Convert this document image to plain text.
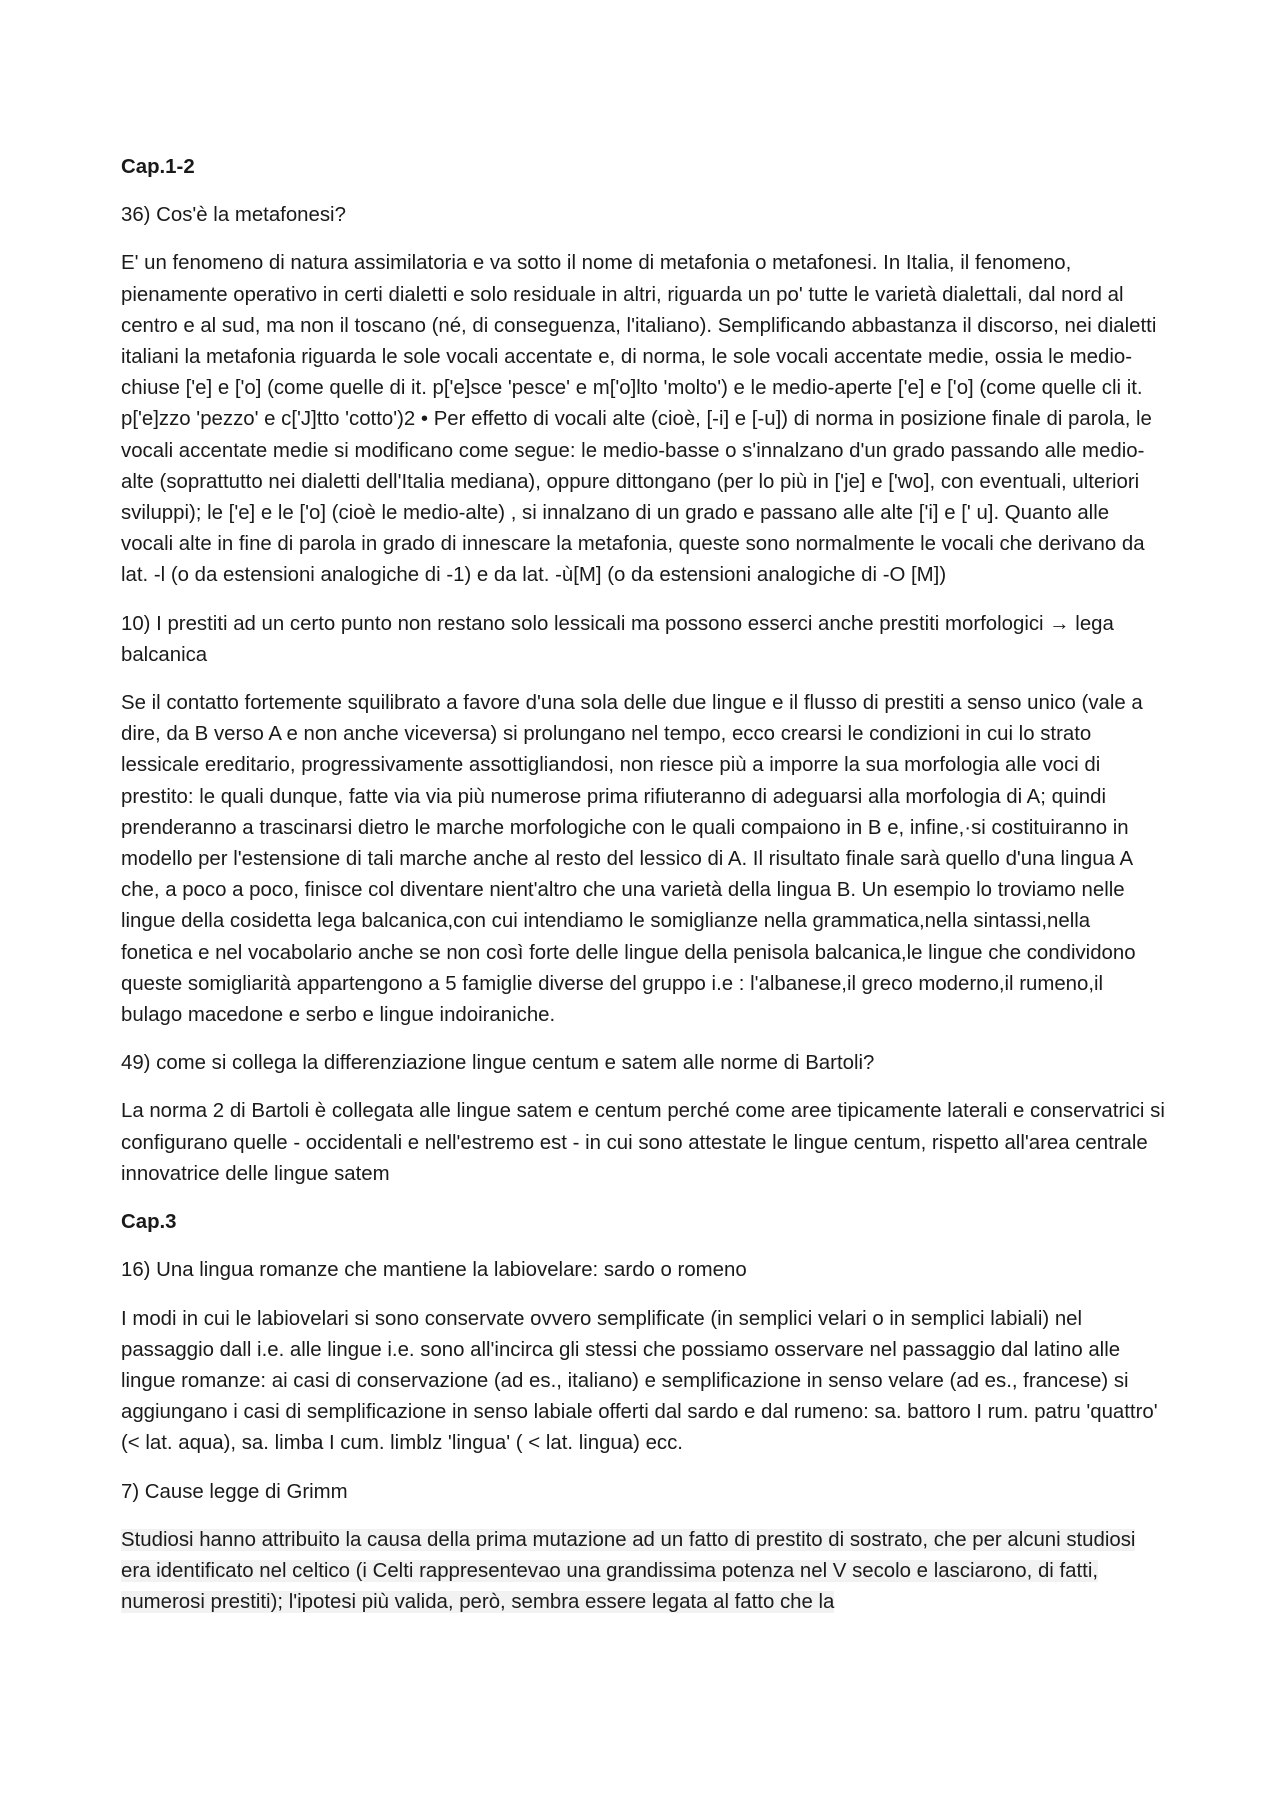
Cap.1-2
36) Cos'è la metafonesi?
E' un fenomeno di natura assimilatoria e va sotto il nome di metafonia o metafonesi. In Italia, il fenomeno, pienamente operativo in certi dialetti e solo residuale in altri, riguarda un po' tutte le varietà dialettali, dal nord al centro e al sud, ma non il toscano (né, di conseguenza, l'italiano). Semplificando abbastanza il discorso, nei dialetti italiani la metafonia riguarda le sole vocali accentate e, di norma, le sole vocali accentate medie, ossia le medio-chiuse ['e] e ['o] (come quelle di it. p['e]sce 'pesce' e m['o]lto 'molto') e le medio-aperte ['e] e ['o] (come quelle cli it. p['e]zzo 'pezzo' e c['J]tto 'cotto')2 • Per effetto di vocali alte (cioè, [-i] e [-u]) di norma in posizione finale di parola, le vocali accentate medie si modificano come segue: le medio-basse o s'innalzano d'un grado passando alle medio-alte (soprattutto nei dialetti dell'Italia mediana), oppure dittongano (per lo più in ['je] e ['wo], con eventuali, ulteriori sviluppi); le ['e] e le ['o] (cioè le medio-alte) , si innalzano di un grado e passano alle alte ['i] e [' u]. Quanto alle vocali alte in fine di parola in grado di innescare la metafonia, queste sono normalmente le vocali che derivano da lat. -l (o da estensioni analogiche di -1) e da lat. -ù[M] (o da estensioni analogiche di -O [M])
10) I prestiti ad un certo punto non restano solo lessicali ma possono esserci anche prestiti morfologici → lega balcanica
Se il contatto fortemente squilibrato a favore d'una sola delle due lingue e il flusso di prestiti a senso unico (vale a dire, da B verso A e non anche viceversa) si prolungano nel tempo, ecco crearsi le condizioni in cui lo strato lessicale ereditario, progressivamente assottigliandosi, non riesce più a imporre la sua morfologia alle voci di prestito: le quali dunque, fatte via via più numerose prima rifiuteranno di adeguarsi alla morfologia di A; quindi prenderanno a trascinarsi dietro le marche morfologiche con le quali compaiono in B e, infine,·si costituiranno in modello per l'estensione di tali marche anche al resto del lessico di A. Il risultato finale sarà quello d'una lingua A che, a poco a poco, finisce col diventare nient'altro che una varietà della lingua B. Un esempio lo troviamo nelle lingue della cosidetta lega balcanica,con cui intendiamo le somiglianze nella grammatica,nella sintassi,nella fonetica e nel vocabolario anche se non così forte delle lingue della penisola balcanica,le lingue che condividono queste somigliarità appartengono a 5 famiglie diverse del gruppo i.e : l'albanese,il greco moderno,il rumeno,il bulago macedone e serbo e lingue indoiraniche.
49) come si collega la differenziazione lingue centum e satem alle norme di Bartoli?
La norma 2 di Bartoli è collegata alle lingue satem e centum perché come aree tipicamente laterali e conservatrici si configurano quelle - occidentali e nell'estremo est - in cui sono attestate le lingue centum, rispetto all'area centrale innovatrice delle lingue satem
Cap.3
16) Una lingua romanze che mantiene la labiovelare: sardo o romeno
I modi in cui le labiovelari si sono conservate ovvero semplificate (in semplici velari o in semplici labiali) nel passaggio dall i.e. alle lingue i.e. sono all'incirca gli stessi che possiamo osservare nel passaggio dal latino alle lingue romanze: ai casi di conservazione (ad es., italiano) e semplificazione in senso velare (ad es., francese) si aggiungano i casi di semplificazione in senso labiale offerti dal sardo e dal rumeno: sa. battoro I rum. patru 'quattro' (< lat. aqua), sa. limba I cum. limblz 'lingua' ( < lat. lingua) ecc.
7) Cause legge di Grimm
Studiosi hanno attribuito la causa della prima mutazione ad un fatto di prestito di sostrato, che per alcuni studiosi era identificato nel celtico (i Celti rappresentevao una grandissima potenza nel V secolo e lasciarono, di fatti, numerosi prestiti); l'ipotesi più valida, però, sembra essere legata al fatto che la
